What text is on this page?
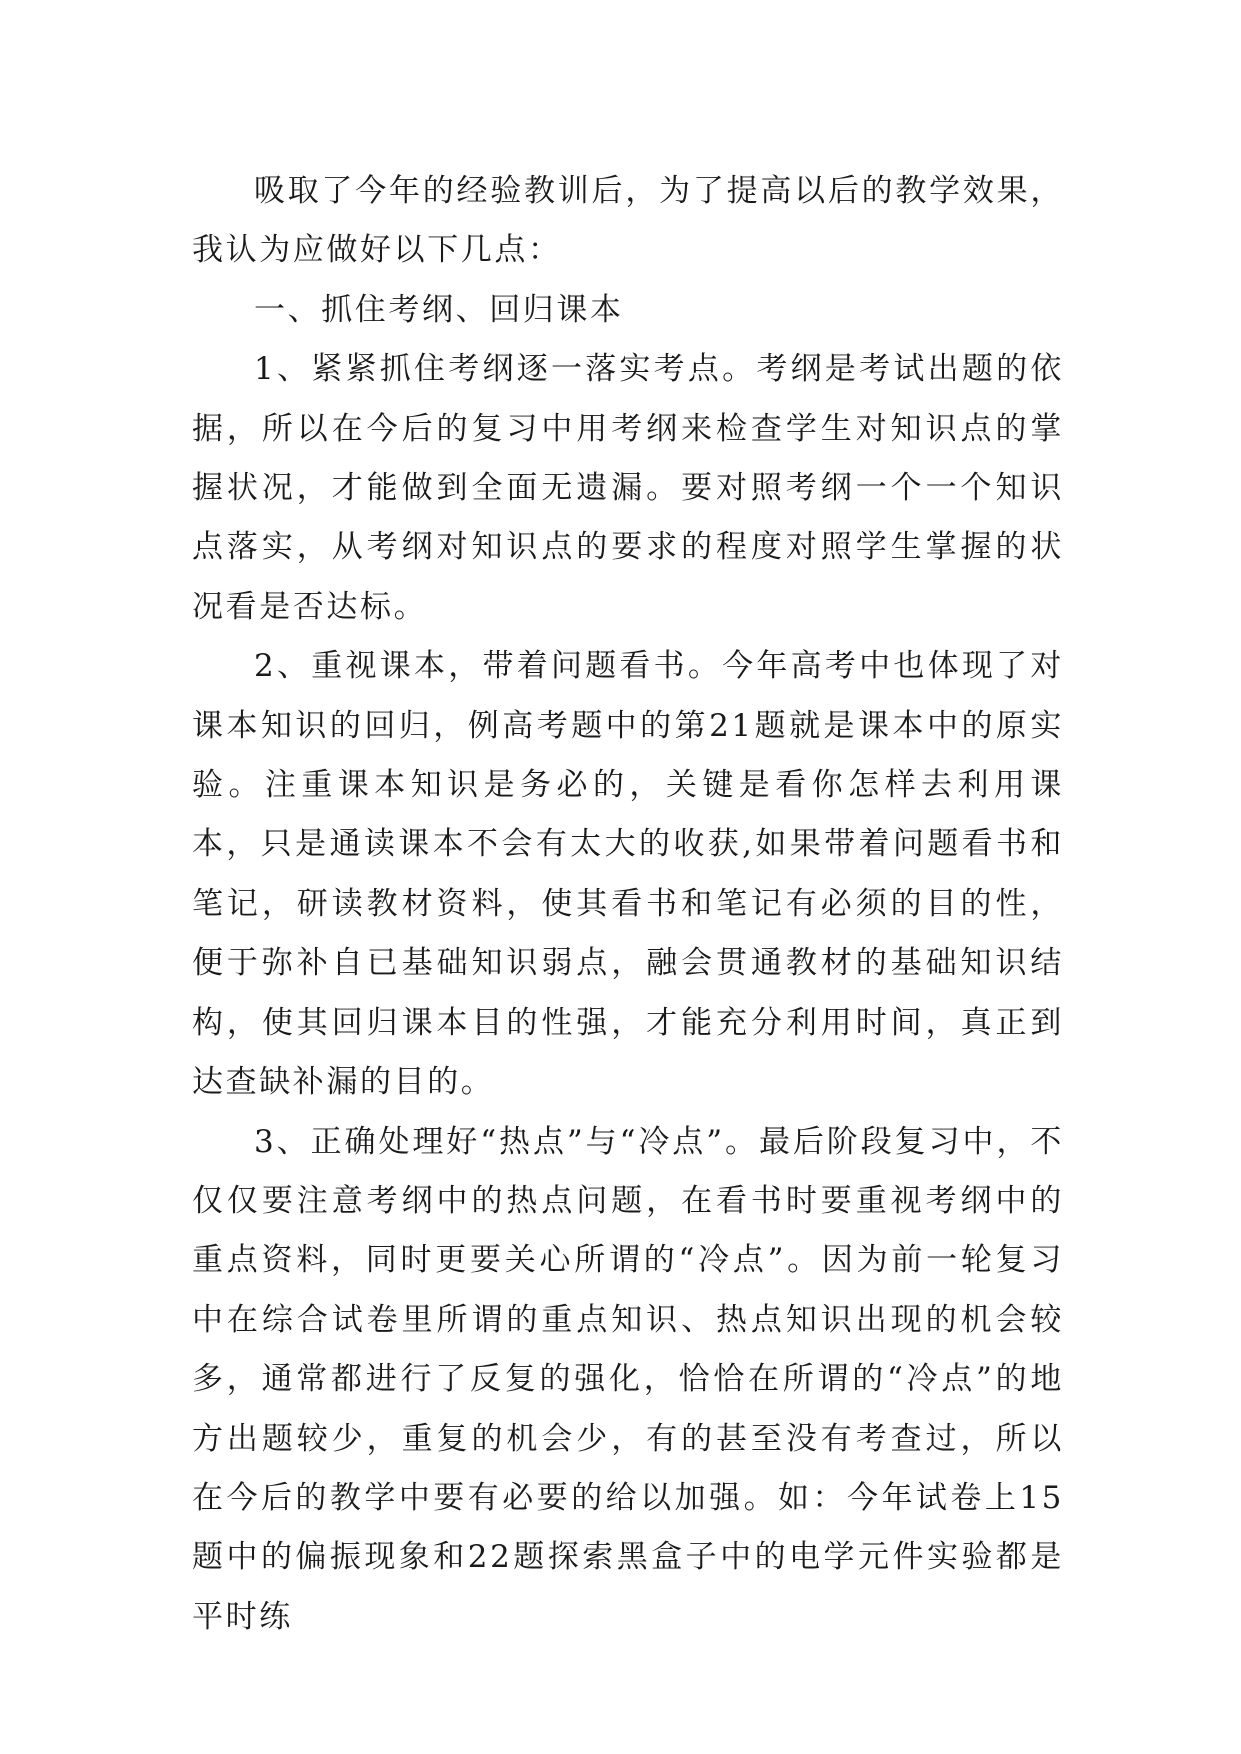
吸取了今年的经验教训后，为了提高以后的教学效果，我认为应做好以下几点：

一、抓住考纲、回归课本

1、紧紧抓住考纲逐一落实考点。考纲是考试出题的依据，所以在今后的复习中用考纲来检查学生对知识点的掌握状况，才能做到全面无遗漏。要对照考纲一个一个知识点落实，从考纲对知识点的要求的程度对照学生掌握的状况看是否达标。

2、重视课本，带着问题看书。今年高考中也体现了对课本知识的回归，例高考题中的第21题就是课本中的原实验。注重课本知识是务必的，关键是看你怎样去利用课本，只是通读课本不会有太大的收获,如果带着问题看书和笔记，研读教材资料，使其看书和笔记有必须的目的性，便于弥补自已基础知识弱点，融会贯通教材的基础知识结构，使其回归课本目的性强，才能充分利用时间，真正到达查缺补漏的目的。

3、正确处理好“热点”与“冷点”。最后阶段复习中，不仅仅要注意考纲中的热点问题，在看书时要重视考纲中的重点资料，同时更要关心所谓的“冷点”。因为前一轮复习中在综合试卷里所谓的重点知识、热点知识出现的机会较多，通常都进行了反复的强化，恰恰在所谓的“冷点”的地方出题较少，重复的机会少，有的甚至没有考查过，所以在今后的教学中要有必要的给以加强。如：今年试卷上15题中的偏振现象和22题探索黑盒子中的电学元件实验都是平时练
